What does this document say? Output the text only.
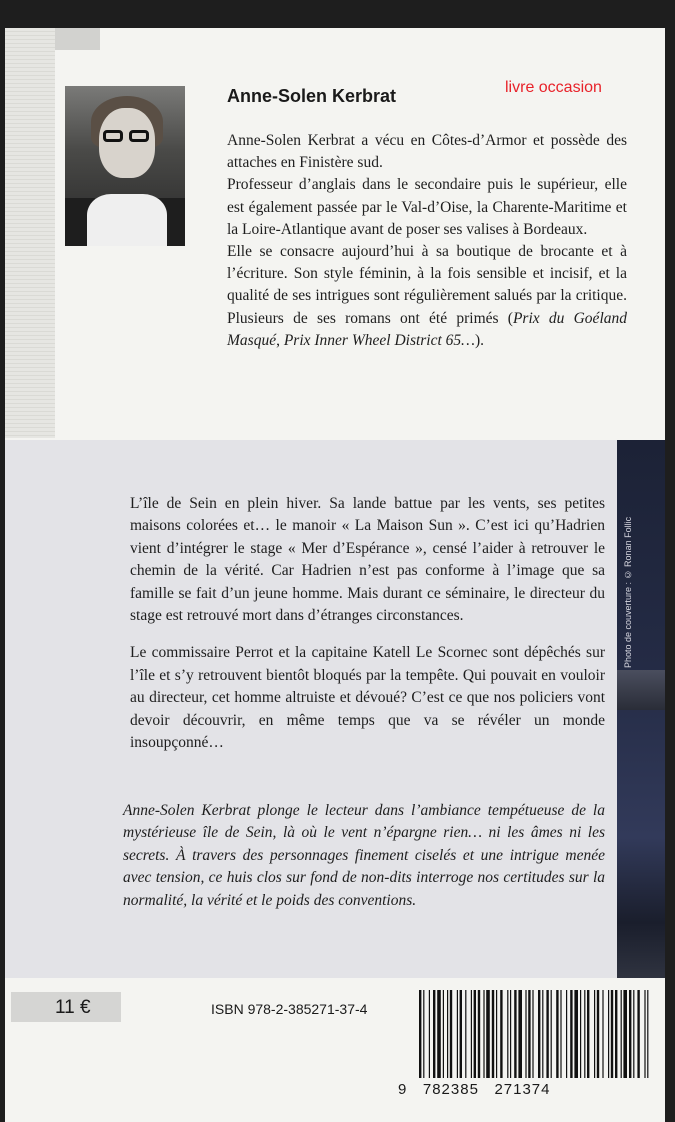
Anne-Solen Kerbrat	livre occasion

Anne-Solen Kerbrat a vécu en Côtes-d’Armor et possède des attaches en Finistère sud.

Professeur d’anglais dans le secondaire puis le supérieur, elle est également passée par le Val-d’Oise, la Charente-Maritime et la Loire-Atlantique avant de poser ses valises à Bordeaux.

Elle se consacre aujourd’hui à sa boutique de brocante et à l’écriture. Son style féminin, à la fois sensible et incisif, et la qualité de ses intrigues sont régulièrement salués par la critique. Plusieurs de ses romans ont été primés (Prix du Goéland Masqué, Prix Inner Wheel District 65…).

Photo de couverture : © Ronan Follic

L’île de Sein en plein hiver. Sa lande battue par les vents, ses petites maisons colorées et… le manoir « La Maison Sun ». C’est ici qu’Hadrien vient d’intégrer le stage « Mer d’Espérance », censé l’aider à retrouver le chemin de la vérité. Car Hadrien n’est pas conforme à l’image que sa famille se fait d’un jeune homme. Mais durant ce séminaire, le directeur du stage est retrouvé mort dans d’étranges circonstances.

Le commissaire Perrot et la capitaine Katell Le Scornec sont dépêchés sur l’île et s’y retrouvent bientôt bloqués par la tempête. Qui pouvait en vouloir au directeur, cet homme altruiste et dévoué? C’est ce que nos policiers vont devoir découvrir, en même temps que va se révéler un monde insoupçonné…

Anne-Solen Kerbrat plonge le lecteur dans l’ambiance tempétueuse de la mystérieuse île de Sein, là où le vent n’épargne rien… ni les âmes ni les secrets. À travers des personnages finement ciselés et une intrigue menée avec tension, ce huis clos sur fond de non-dits interroge nos certitudes sur la normalité, la vérité et le poids des conventions.

11 €	ISBN 978-2-385271-37-4
9 782385 271374
